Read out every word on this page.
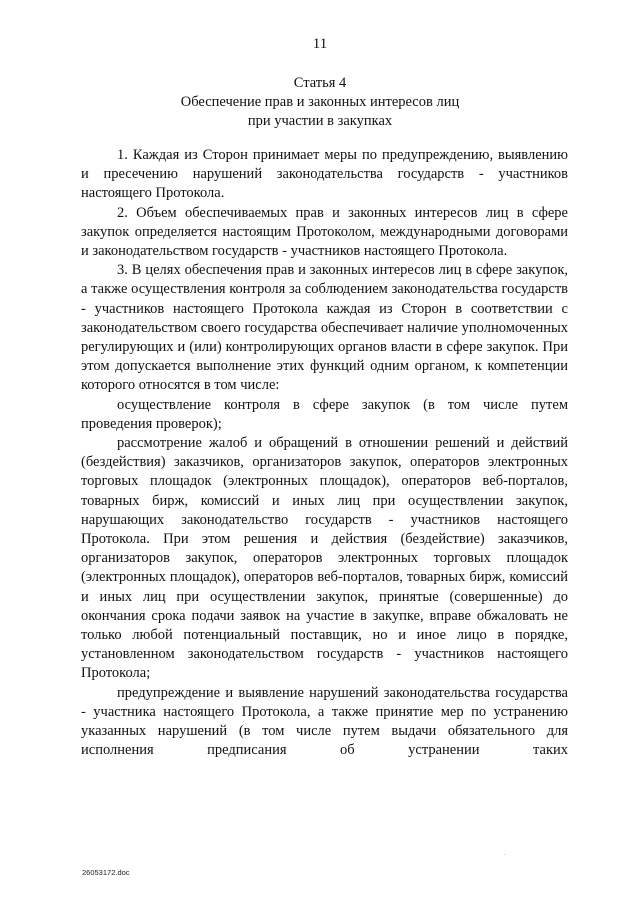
11
Статья 4
Обеспечение прав и законных интересов лиц
при участии в закупках

1. Каждая из Сторон принимает меры по предупреждению, выявлению и пресечению нарушений законодательства государств - участников настоящего Протокола.

2. Объем обеспечиваемых прав и законных интересов лиц в сфере закупок определяется настоящим Протоколом, международными договорами и законодательством государств - участников настоящего Протокола.

3. В целях обеспечения прав и законных интересов лиц в сфере закупок, а также осуществления контроля за соблюдением законодательства государств - участников настоящего Протокола каждая из Сторон в соответствии с законодательством своего государства обеспечивает наличие уполномоченных регулирующих и (или) контролирующих органов власти в сфере закупок. При этом допускается выполнение этих функций одним органом, к компетенции которого относятся в том числе:

осуществление контроля в сфере закупок (в том числе путем проведения проверок);

рассмотрение жалоб и обращений в отношении решений и действий (бездействия) заказчиков, организаторов закупок, операторов электронных торговых площадок (электронных площадок), операторов веб-порталов, товарных бирж, комиссий и иных лиц при осуществлении закупок, нарушающих законодательство государств - участников настоящего Протокола. При этом решения и действия (бездействие) заказчиков, организаторов закупок, операторов электронных торговых площадок (электронных площадок), операторов веб-порталов, товарных бирж, комиссий и иных лиц при осуществлении закупок, принятые (совершенные) до окончания срока подачи заявок на участие в закупке, вправе обжаловать не только любой потенциальный поставщик, но и иное лицо в порядке, установленном законодательством государств - участников настоящего Протокола;

предупреждение и выявление нарушений законодательства государства - участника настоящего Протокола, а также принятие мер по устранению указанных нарушений (в том числе путем выдачи обязательного для исполнения предписания об устранении таких

.
26053172.doc
